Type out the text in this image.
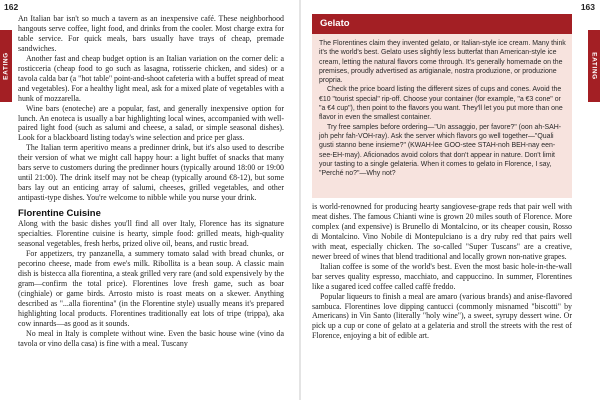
162
EATING

An Italian bar isn't so much a tavern as an inexpensive café. These neighborhood hangouts serve coffee, light food, and drinks from the cooler. Most charge extra for table service. For quick meals, bars usually have trays of cheap, premade sandwiches.

Another fast and cheap budget option is an Italian variation on the corner deli: a rosticceria (cheap food to go such as lasagna, rotisserie chicken, and sides) or a tavola calda bar (a "hot table" point-and-shoot cafeteria with a buffet spread of meat and vegetables). For a healthy light meal, ask for a mixed plate of vegetables with a hunk of mozzarella.

Wine bars (enoteche) are a popular, fast, and generally inexpensive option for lunch. An enoteca is usually a bar highlighting local wines, accompanied with well-paired light food (such as salumi and cheese, a salad, or simple seasonal dishes). Look for a blackboard listing today's wine selection and price per glass.

The Italian term aperitivo means a predinner drink, but it's also used to describe their version of what we might call happy hour: a light buffet of snacks that many bars serve to customers during the predinner hours (typically around 18:00 or 19:00 until 21:00). The drink itself may not be cheap (typically around €8-12), but some bars lay out an enticing array of salumi, cheeses, grilled vegetables, and other antipasti-type dishes. You're welcome to nibble while you nurse your drink.

Florentine Cuisine

Along with the basic dishes you'll find all over Italy, Florence has its signature specialties. Florentine cuisine is hearty, simple food: grilled meats, high-quality seasonal vegetables, fresh herbs, prized olive oil, beans, and rustic bread.

For appetizers, try panzanella, a summery tomato salad with bread chunks, or pecorino cheese, made from ewe's milk. Ribollita is a bean soup. A classic main dish is bistecca alla fiorentina, a steak grilled very rare (and sold expensively by the gram—confirm the total price). Florentines love fresh game, such as boar (cinghiale) or game birds. Arrosto misto is roast meats on a skewer. Anything described as "...alla fiorentina" (in the Florentine style) usually means it's prepared highlighting local products. Florentines traditionally eat lots of tripe (trippa), aka cow innards—as good as it sounds.

No meal in Italy is complete without wine. Even the basic house wine (vino da tavola or vino della casa) is fine with a meal. Tuscany

163
EATING
Gelato

The Florentines claim they invented gelato, or Italian-style ice cream. Many think it's the world's best. Gelato uses slightly less butterfat than American-style ice cream, letting the natural flavors come through. It's generally homemade on the premises, proudly advertised as artigianale, nostra produzione, or produzione propria.

Check the price board listing the different sizes of cups and cones. Avoid the €10 "tourist special" rip-off. Choose your container (for example, "a €3 cone" or "a €4 cup"), then point to the flavors you want. They'll let you put more than one flavor in even the smallest container.

Try free samples before ordering—"Un assaggio, per favore?" (oon ah-SAH-joh pehr fah-VOH-ray). Ask the server which flavors go well together—"Quali gusti stanno bene insieme?" (KWAH-lee GOO-stee STAH-noh BEH-nay een-see-EH-may). Aficionados avoid colors that don't appear in nature. Don't limit your tasting to a single gelateria. When it comes to gelato in Florence, I say, "Perché no?"—Why not?

is world-renowned for producing hearty sangiovese-grape reds that pair well with meat dishes. The famous Chianti wine is grown 20 miles south of Florence. More complex (and expensive) is Brunello di Montalcino, or its cheaper cousin, Rosso di Montalcino. Vino Nobile di Montepulciano is a dry ruby red that pairs well with meat, especially chicken. The so-called "Super Tuscans" are a creative, newer breed of wines that blend traditional and locally grown non-native grapes.

Italian coffee is some of the world's best. Even the most basic hole-in-the-wall bar serves quality espresso, macchiato, and cappuccino. In summer, Florentines like a sugared iced coffee called caffè freddo.

Popular liqueurs to finish a meal are amaro (various brands) and anise-flavored sambuca. Florentines love dipping cantucci (commonly misnamed "biscotti" by Americans) in Vin Santo (literally "holy wine"), a sweet, syrupy dessert wine. Or pick up a cup or cone of gelato at a gelateria and stroll the streets with the rest of Florence, enjoying a bit of edible art.
